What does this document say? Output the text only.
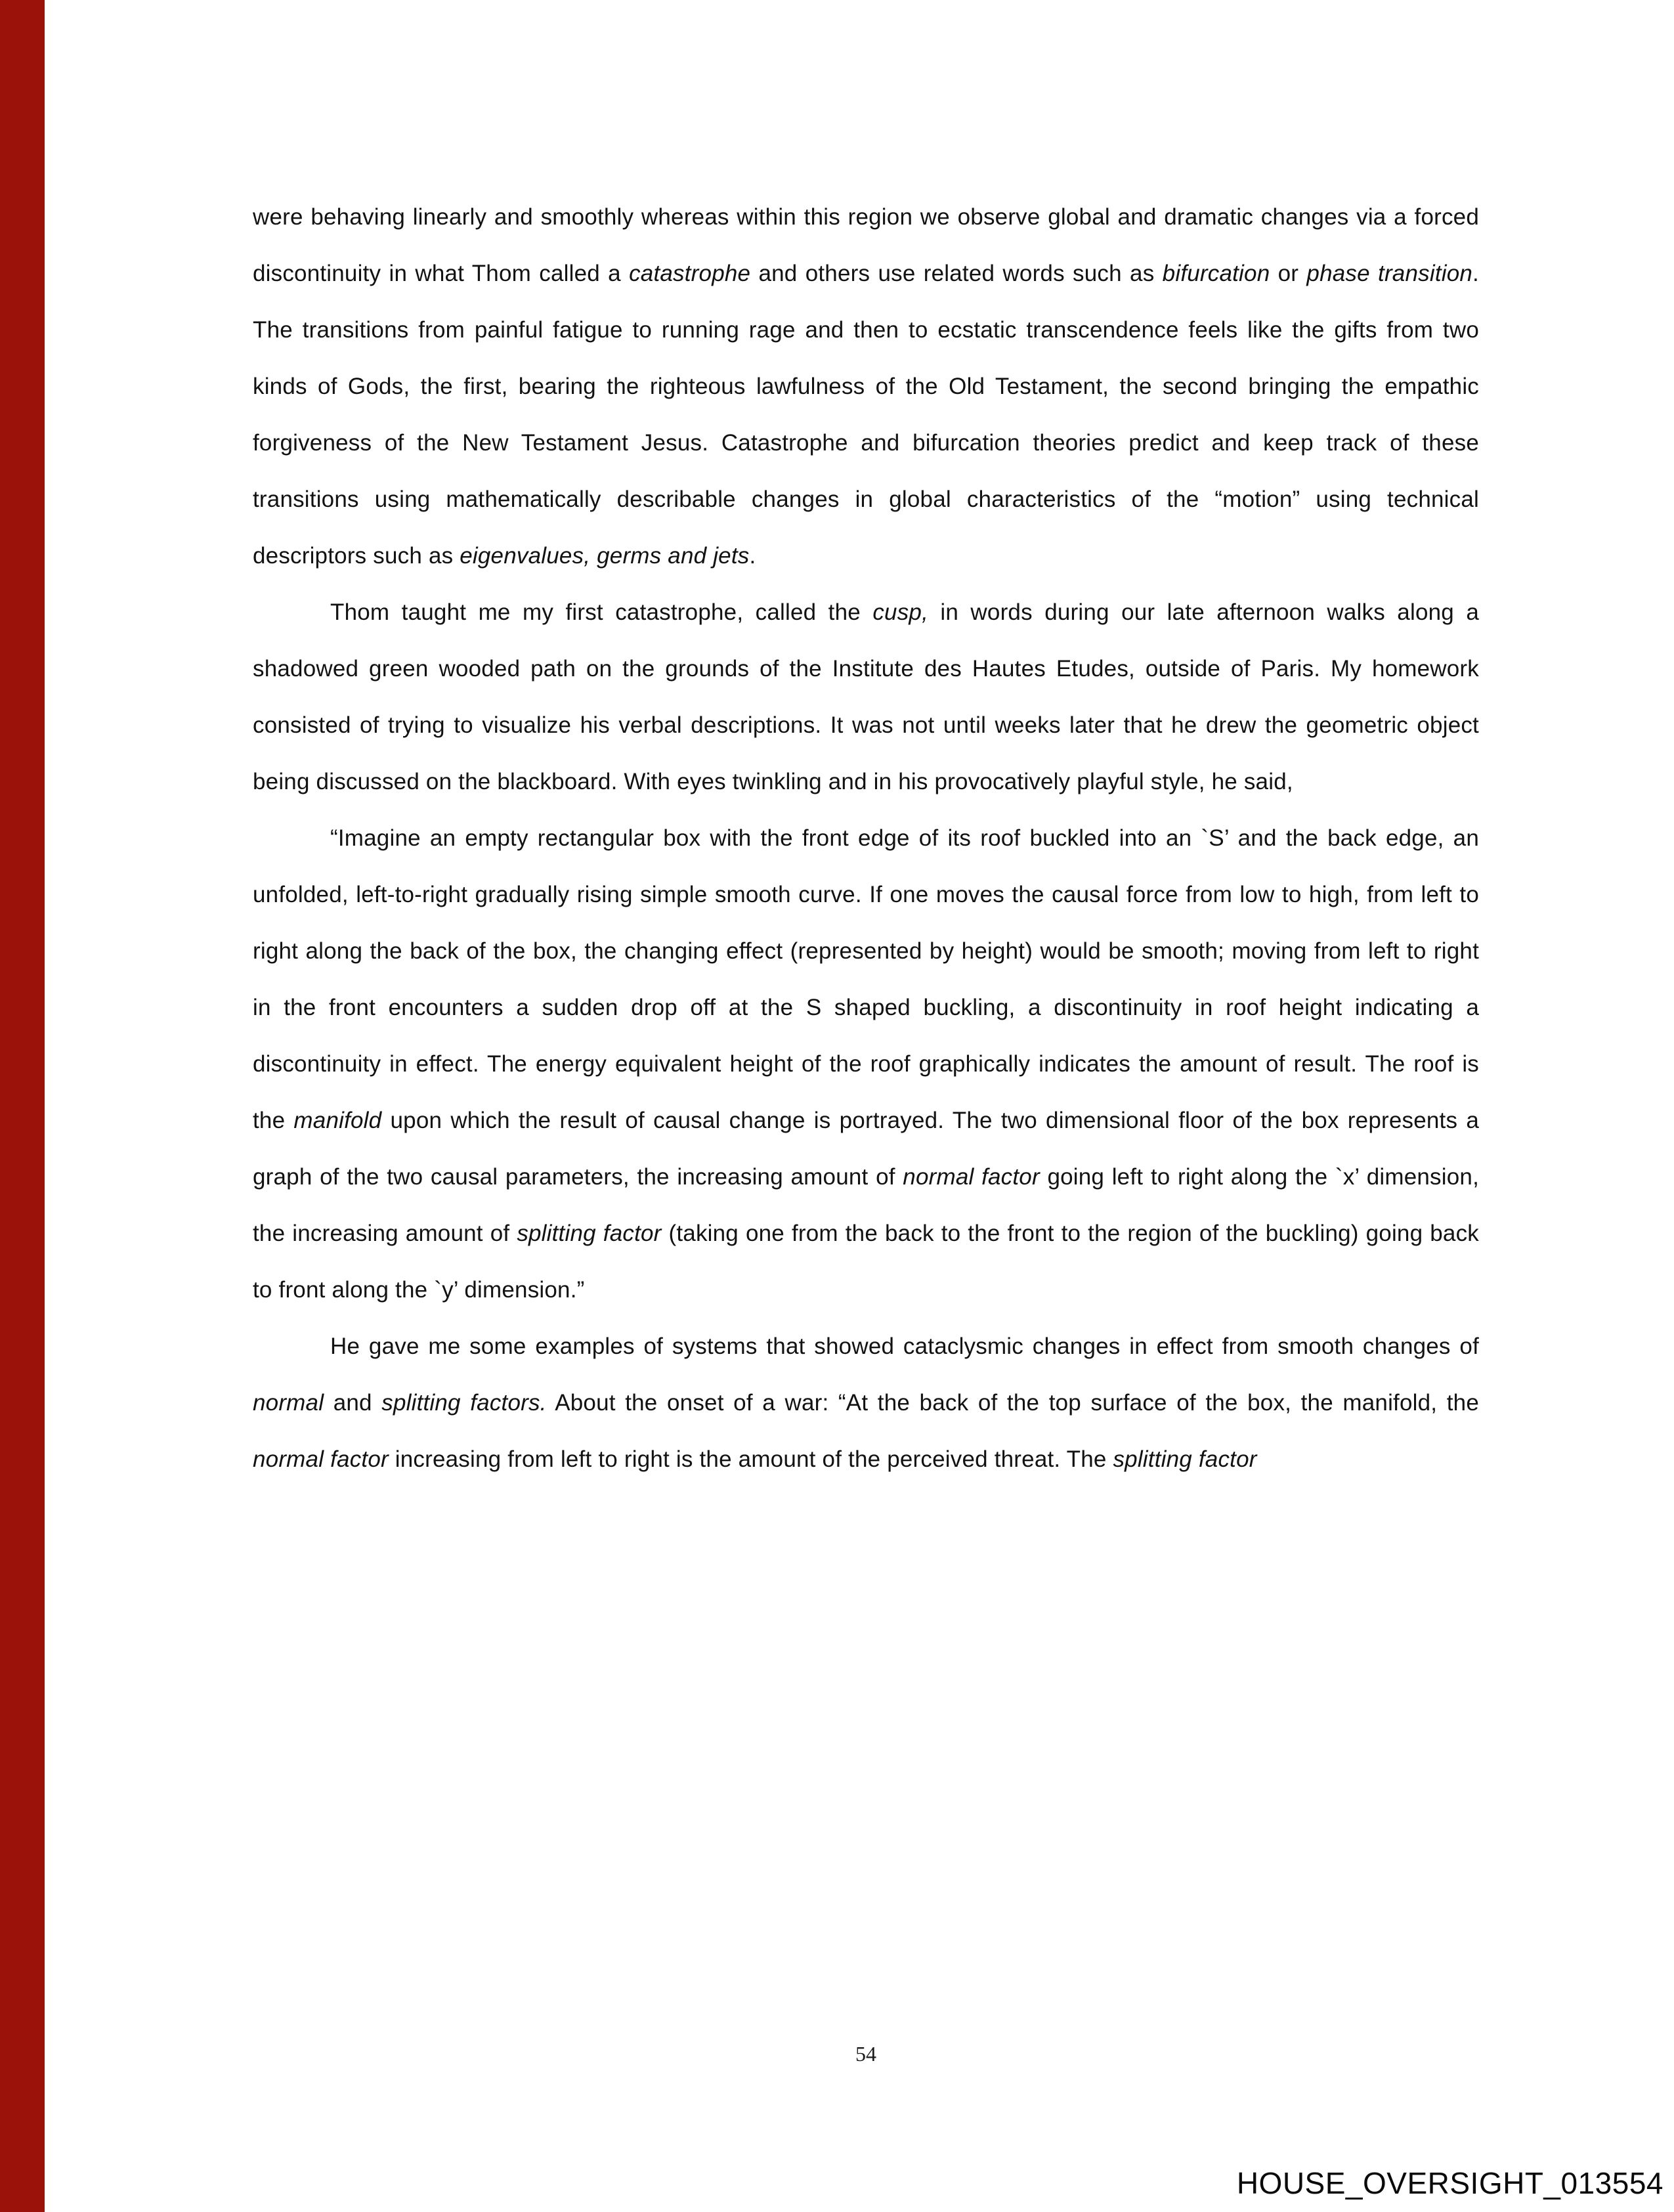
were behaving linearly and smoothly whereas within this region we observe global and dramatic changes via a forced discontinuity in what Thom called a catastrophe and others use related words such as bifurcation or phase transition. The transitions from painful fatigue to running rage and then to ecstatic transcendence feels like the gifts from two kinds of Gods, the first, bearing the righteous lawfulness of the Old Testament, the second bringing the empathic forgiveness of the New Testament Jesus. Catastrophe and bifurcation theories predict and keep track of these transitions using mathematically describable changes in global characteristics of the “motion” using technical descriptors such as eigenvalues, germs and jets.

Thom taught me my first catastrophe, called the cusp, in words during our late afternoon walks along a shadowed green wooded path on the grounds of the Institute des Hautes Etudes, outside of Paris. My homework consisted of trying to visualize his verbal descriptions. It was not until weeks later that he drew the geometric object being discussed on the blackboard. With eyes twinkling and in his provocatively playful style, he said,

“Imagine an empty rectangular box with the front edge of its roof buckled into an `S’ and the back edge, an unfolded, left-to-right gradually rising simple smooth curve. If one moves the causal force from low to high, from left to right along the back of the box, the changing effect (represented by height) would be smooth; moving from left to right in the front encounters a sudden drop off at the S shaped buckling, a discontinuity in roof height indicating a discontinuity in effect. The energy equivalent height of the roof graphically indicates the amount of result. The roof is the manifold upon which the result of causal change is portrayed. The two dimensional floor of the box represents a graph of the two causal parameters, the increasing amount of normal factor going left to right along the `x’ dimension, the increasing amount of splitting factor (taking one from the back to the front to the region of the buckling) going back to front along the `y’ dimension.”

He gave me some examples of systems that showed cataclysmic changes in effect from smooth changes of normal and splitting factors. About the onset of a war: “At the back of the top surface of the box, the manifold, the normal factor increasing from left to right is the amount of the perceived threat. The splitting factor

54
HOUSE_OVERSIGHT_013554
